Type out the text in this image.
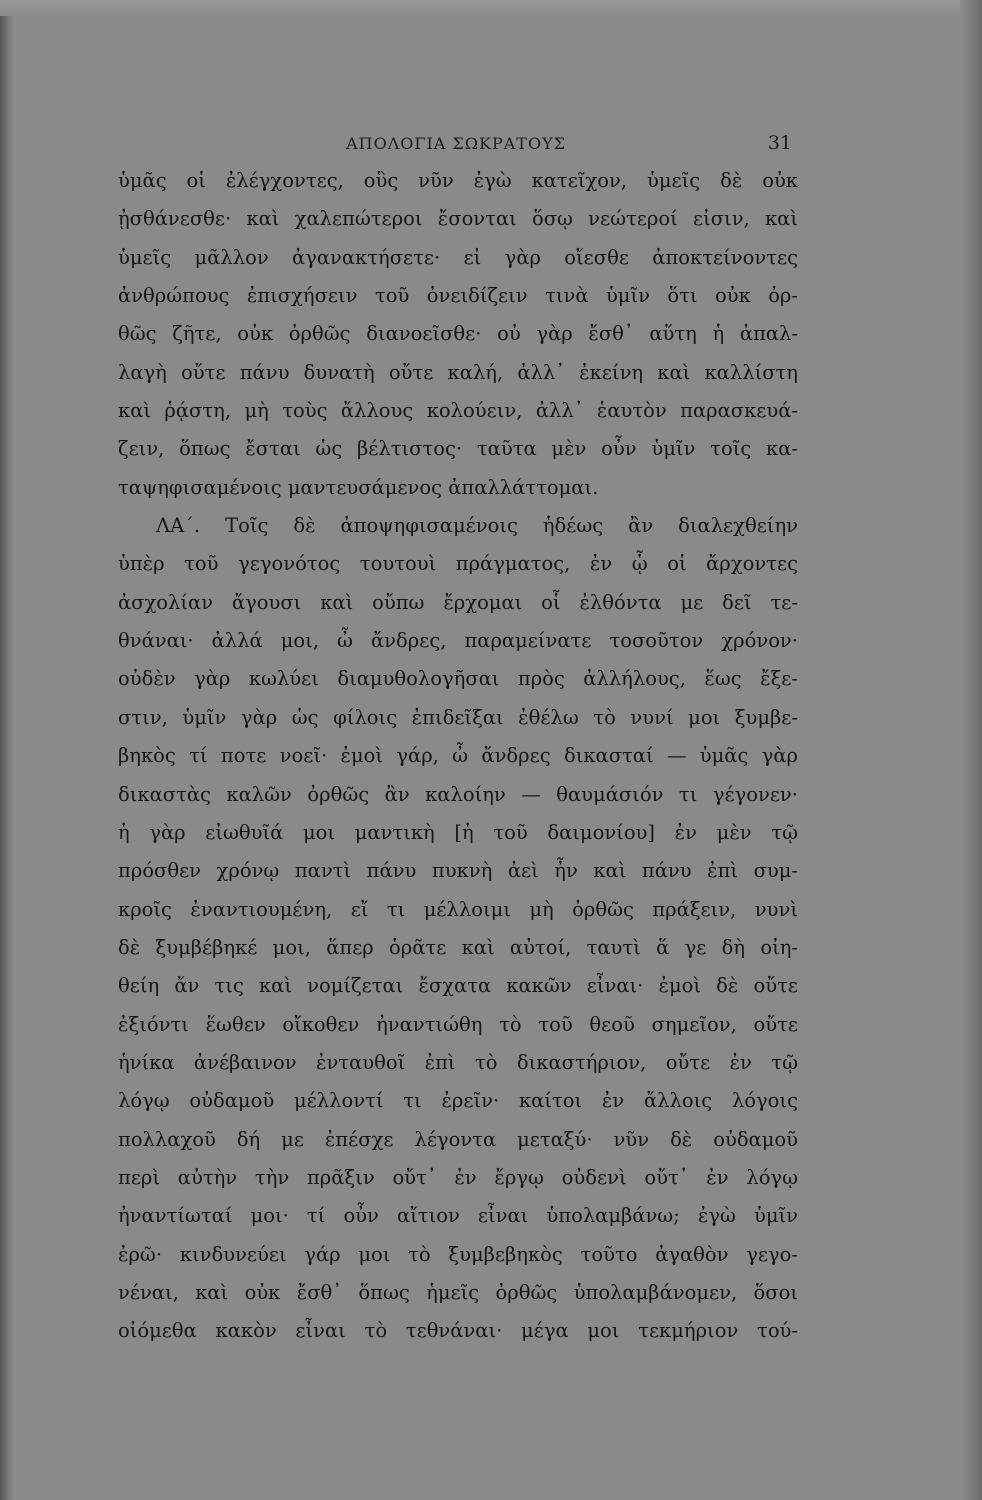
ΑΠΟΛΟΓΙΑ ΣΩΚΡΑΤΟΥΣ	31
ὑμᾶς οἱ ἐλέγχοντες, οὓς νῦν ἐγὼ κατεῖχον, ὑμεῖς δὲ οὐκ
ᾐσθάνεσθε· καὶ χαλεπώτεροι ἔσονται ὅσῳ νεώτεροί εἰσιν, καὶ
ὑμεῖς μᾶλλον ἀγανακτήσετε· εἰ γὰρ οἴεσθε ἀποκτείνοντες
ἀνθρώπους ἐπισχήσειν τοῦ ὀνειδίζειν τινὰ ὑμῖν ὅτι οὐκ ὀρ-
θῶς ζῆτε, οὐκ ὀρθῶς διανοεῖσθε· οὐ γὰρ ἔσθ᾽ αὕτη ἡ ἀπαλ-
λαγὴ οὔτε πάνυ δυνατὴ οὔτε καλή, ἀλλ᾽ ἐκείνη καὶ καλλίστη
καὶ ῥᾴστη, μὴ τοὺς ἄλλους κολούειν, ἀλλ᾽ ἑαυτὸν παρασκευά-
ζειν, ὅπως ἔσται ὡς βέλτιστος· ταῦτα μὲν οὖν ὑμῖν τοῖς κα-
ταψηφισαμένοις μαντευσάμενος ἀπαλλάττομαι.
ΛΑ´. Τοῖς δὲ ἀποψηφισαμένοις ἡδέως ἂν διαλεχθείην
ὑπὲρ τοῦ γεγονότος τουτουὶ πράγματος, ἐν ᾧ οἱ ἄρχοντες
ἀσχολίαν ἄγουσι καὶ οὔπω ἔρχομαι οἷ ἐλθόντα με δεῖ τε-
θνάναι· ἀλλά μοι, ὦ ἄνδρες, παραμείνατε τοσοῦτον χρόνον·
οὐδὲν γὰρ κωλύει διαμυθολογῆσαι πρὸς ἀλλήλους, ἕως ἔξε-
στιν, ὑμῖν γὰρ ὡς φίλοις ἐπιδεῖξαι ἐθέλω τὸ νυνί μοι ξυμβε-
βηκὸς τί ποτε νοεῖ· ἐμοὶ γάρ, ὦ ἄνδρες δικασταί — ὑμᾶς γὰρ
δικαστὰς καλῶν ὀρθῶς ἂν καλοίην — θαυμάσιόν τι γέγονεν·
ἡ γὰρ εἰωθυῖά μοι μαντικὴ [ἡ τοῦ δαιμονίου] ἐν μὲν τῷ
πρόσθεν χρόνῳ παντὶ πάνυ πυκνὴ ἀεὶ ἦν καὶ πάνυ ἐπὶ συμ-
κροῖς ἐναντιουμένη, εἴ τι μέλλοιμι μὴ ὀρθῶς πράξειν, νυνὶ
δὲ ξυμβέβηκέ μοι, ἅπερ ὁρᾶτε καὶ αὐτοί, ταυτὶ ἅ γε δὴ οἰη-
θείη ἄν τις καὶ νομίζεται ἔσχατα κακῶν εἶναι· ἐμοὶ δὲ οὔτε
ἐξιόντι ἕωθεν οἴκοθεν ἠναντιώθη τὸ τοῦ θεοῦ σημεῖον, οὔτε
ἡνίκα ἀνέβαινον ἐνταυθοῖ ἐπὶ τὸ δικαστήριον, οὔτε ἐν τῷ
λόγῳ οὐδαμοῦ μέλλοντί τι ἐρεῖν· καίτοι ἐν ἄλλοις λόγοις
πολλαχοῦ δή με ἐπέσχε λέγοντα μεταξύ· νῦν δὲ οὐδαμοῦ
περὶ αὐτὴν τὴν πρᾶξιν οὔτ᾽ ἐν ἔργῳ οὐδενὶ οὔτ᾽ ἐν λόγῳ
ἠναντίωταί μοι· τί οὖν αἴτιον εἶναι ὑπολαμβάνω; ἐγὼ ὑμῖν
ἐρῶ· κινδυνεύει γάρ μοι τὸ ξυμβεβηκὸς τοῦτο ἀγαθὸν γεγο-
νέναι, καὶ οὐκ ἔσθ᾽ ὅπως ἡμεῖς ὀρθῶς ὑπολαμβάνομεν, ὅσοι
οἰόμεθα κακὸν εἶναι τὸ τεθνάναι· μέγα μοι τεκμήριον τού-
